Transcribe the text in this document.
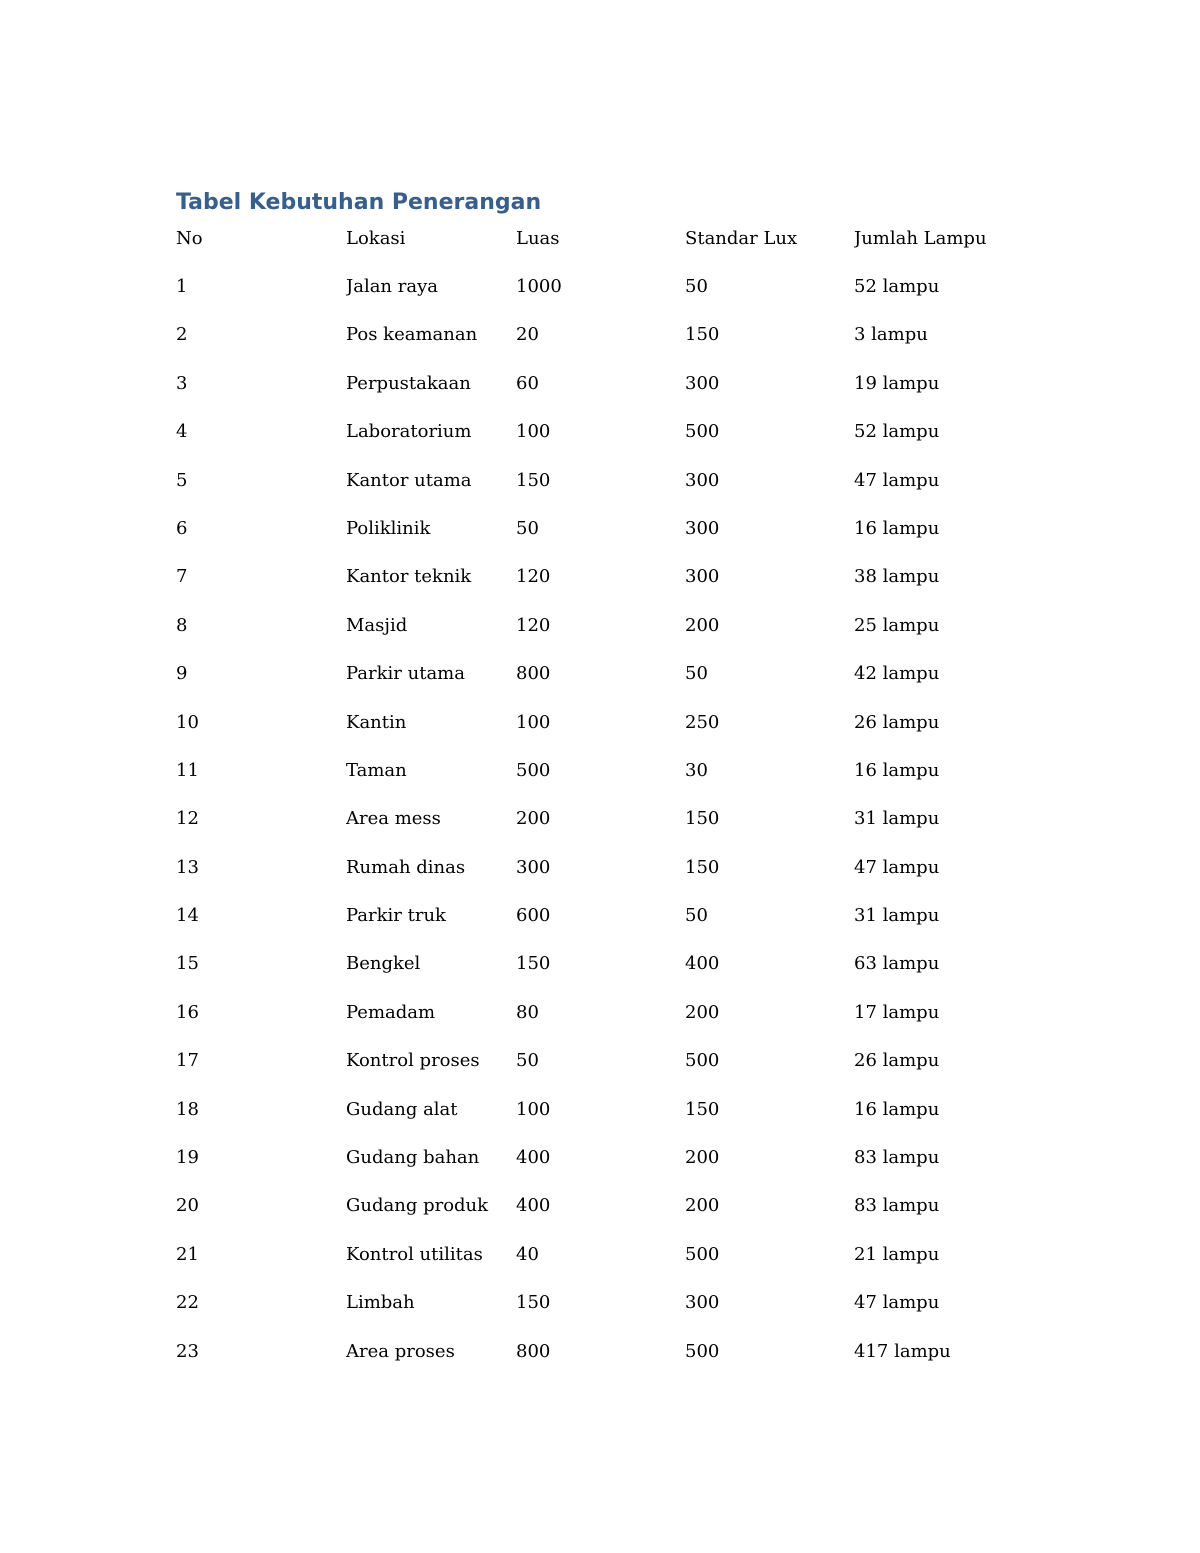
Tabel Kebutuhan Penerangan
No	Lokasi	Luas	Standar Lux	Jumlah Lampu
1	Jalan raya	1000	50	52 lampu
2	Pos keamanan	20	150	3 lampu
3	Perpustakaan	60	300	19 lampu
4	Laboratorium	100	500	52 lampu
5	Kantor utama	150	300	47 lampu
6	Poliklinik	50	300	16 lampu
7	Kantor teknik	120	300	38 lampu
8	Masjid	120	200	25 lampu
9	Parkir utama	800	50	42 lampu
10	Kantin	100	250	26 lampu
11	Taman	500	30	16 lampu
12	Area mess	200	150	31 lampu
13	Rumah dinas	300	150	47 lampu
14	Parkir truk	600	50	31 lampu
15	Bengkel	150	400	63 lampu
16	Pemadam	80	200	17 lampu
17	Kontrol proses	50	500	26 lampu
18	Gudang alat	100	150	16 lampu
19	Gudang bahan	400	200	83 lampu
20	Gudang produk	400	200	83 lampu
21	Kontrol utilitas	40	500	21 lampu
22	Limbah	150	300	47 lampu
23	Area proses	800	500	417 lampu
